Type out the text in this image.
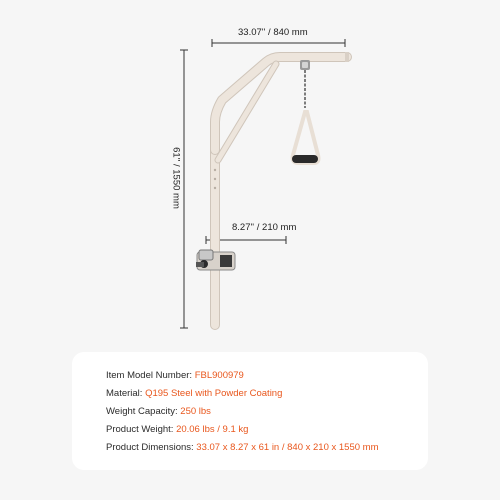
33.07'' / 840 mm
8.27'' / 210 mm
61'' / 1550 mm
Item Model Number: FBL900979
Material: Q195 Steel with Powder Coating
Weight Capacity: 250 lbs
Product Weight: 20.06 lbs / 9.1 kg
Product Dimensions: 33.07 x 8.27 x 61 in / 840 x 210 x 1550 mm
